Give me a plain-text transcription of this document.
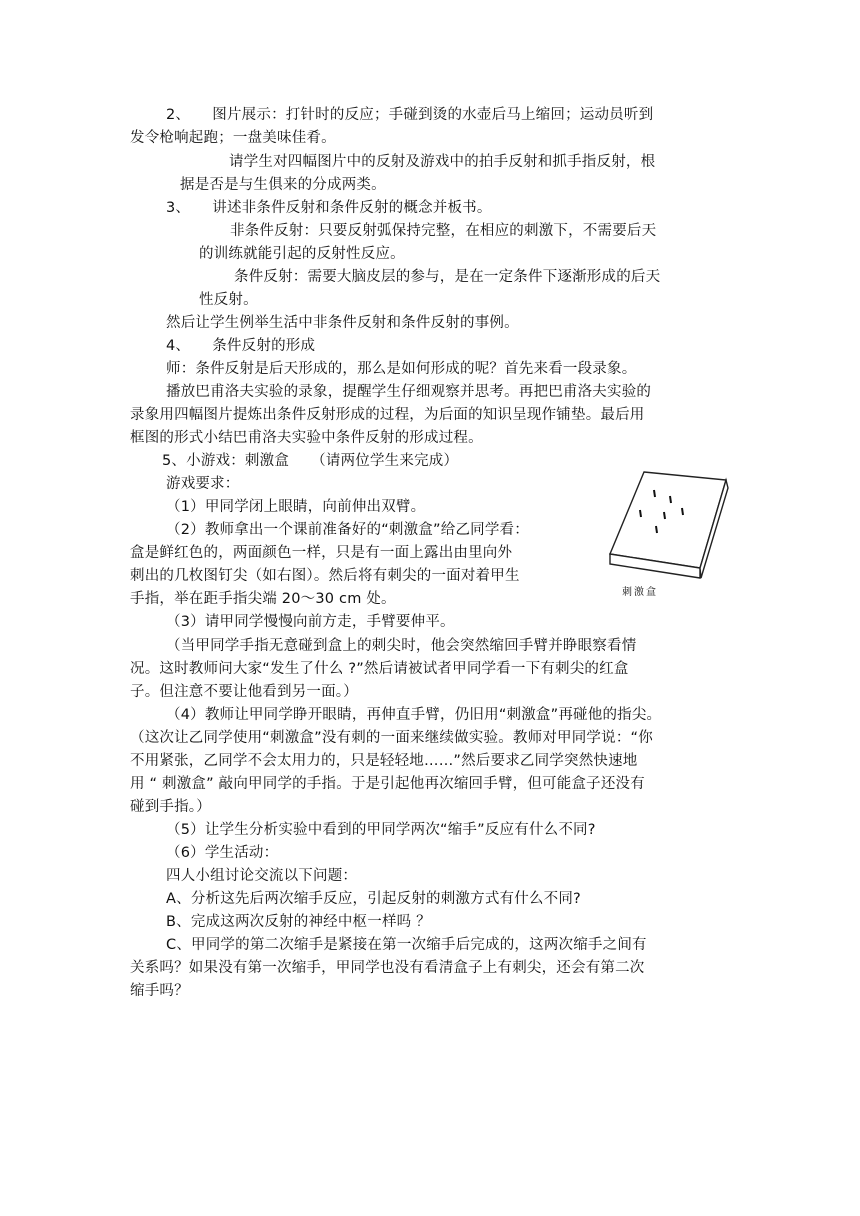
2、　　图片展示：打针时的反应；手碰到烫的水壶后马上缩回；运动员听到
发令枪响起跑；一盘美味佳肴。
请学生对四幅图片中的反射及游戏中的拍手反射和抓手指反射，根
据是否是与生俱来的分成两类。
3、　　讲述非条件反射和条件反射的概念并板书。
非条件反射：只要反射弧保持完整，在相应的刺激下，不需要后天
的训练就能引起的反射性反应。
条件反射：需要大脑皮层的参与，是在一定条件下逐渐形成的后天
性反射。
然后让学生例举生活中非条件反射和条件反射的事例。
4、　　条件反射的形成
师：条件反射是后天形成的，那么是如何形成的呢？首先来看一段录象。
播放巴甫洛夫实验的录象，提醒学生仔细观察并思考。再把巴甫洛夫实验的
录象用四幅图片提炼出条件反射形成的过程，为后面的知识呈现作铺垫。最后用
框图的形式小结巴甫洛夫实验中条件反射的形成过程。
5、小游戏：刺激盒　　（请两位学生来完成）
游戏要求：
（1）甲同学闭上眼睛，向前伸出双臂。
（2）教师拿出一个课前准备好的“刺激盒”给乙同学看：
盒是鲜红色的，两面颜色一样，只是有一面上露出由里向外
刺出的几枚图钉尖（如右图）。然后将有刺尖的一面对着甲生
手指，举在距手指尖端 20～30 cm 处。
（3）请甲同学慢慢向前方走，手臂要伸平。
（当甲同学手指无意碰到盒上的刺尖时，他会突然缩回手臂并睁眼察看情
况。这时教师问大家“发生了什么 ?”然后请被试者甲同学看一下有刺尖的红盒
子。但注意不要让他看到另一面。）
（4）教师让甲同学睁开眼睛，再伸直手臂，仍旧用“刺激盒”再碰他的指尖。
（这次让乙同学使用“刺激盒”没有刺的一面来继续做实验。教师对甲同学说：“你
不用紧张，乙同学不会太用力的，只是轻轻地……”然后要求乙同学突然快速地
用 “ 刺激盒” 敲向甲同学的手指。于是引起他再次缩回手臂，但可能盒子还没有
碰到手指。）
（5）让学生分析实验中看到的甲同学两次“缩手”反应有什么不同?
（6）学生活动：
四人小组讨论交流以下问题：
A、分析这先后两次缩手反应，引起反射的刺激方式有什么不同?
B、完成这两次反射的神经中枢一样吗 ？
C、甲同学的第二次缩手是紧接在第一次缩手后完成的，这两次缩手之间有
关系吗？如果没有第一次缩手，甲同学也没有看清盒子上有刺尖，还会有第二次
缩手吗？
刺激盒
